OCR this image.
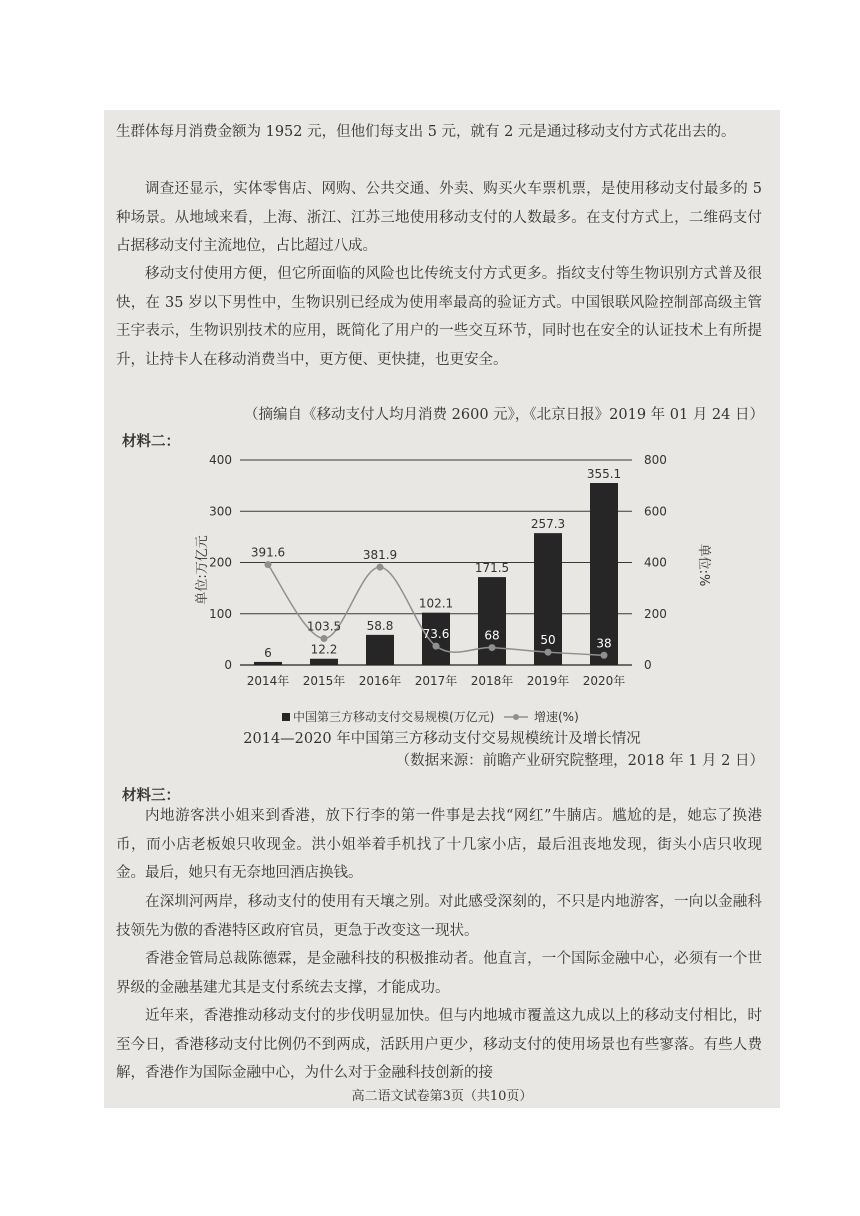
生群体每月消费金额为 1952 元，但他们每支出 5 元，就有 2 元是通过移动支付方式花出去的。

调查还显示，实体零售店、网购、公共交通、外卖、购买火车票机票，是使用移动支付最多的 5 种场景。从地域来看，上海、浙江、江苏三地使用移动支付的人数最多。在支付方式上，二维码支付占据移动支付主流地位，占比超过八成。

移动支付使用方便，但它所面临的风险也比传统支付方式更多。指纹支付等生物识别方式普及很快，在 35 岁以下男性中，生物识别已经成为使用率最高的验证方式。中国银联风险控制部高级主管王宇表示，生物识别技术的应用，既简化了用户的一些交互环节，同时也在安全的认证技术上有所提升，让持卡人在移动消费当中，更方便、更快捷，也更安全。

（摘编自《移动支付人均月消费 2600 元》，《北京日报》2019 年 01 月 24 日）
材料二：
6	12.2
58.8
102.1
171.5
257.3
355.1
391.6
103.5
381.9
73.6	68	50	38
0
100
200
300
400
0
200
400
600
800
2014年 2015年 2016年 2017年 2018年 2019年 2020年
单位:万亿元	单位:%
中国第三方移动支付交易规模(万亿元)	增速(%)
2014—2020 年中国第三方移动支付交易规模统计及增长情况
（数据来源：前瞻产业研究院整理，2018 年 1 月 2 日）
材料三：

内地游客洪小姐来到香港，放下行李的第一件事是去找“网红”牛腩店。尴尬的是，她忘了换港币，而小店老板娘只收现金。洪小姐举着手机找了十几家小店，最后沮丧地发现，街头小店只收现金。最后，她只有无奈地回酒店换钱。

在深圳河两岸，移动支付的使用有天壤之别。对此感受深刻的，不只是内地游客，一向以金融科技领先为傲的香港特区政府官员，更急于改变这一现状。

香港金管局总裁陈德霖，是金融科技的积极推动者。他直言，一个国际金融中心，必须有一个世界级的金融基建尤其是支付系统去支撑，才能成功。

近年来，香港推动移动支付的步伐明显加快。但与内地城市覆盖这九成以上的移动支付相比，时至今日，香港移动支付比例仍不到两成，活跃用户更少，移动支付的使用场景也有些寥落。有些人费解，香港作为国际金融中心，为什么对于金融科技创新的接

高二语文试卷第3页（共10页）
